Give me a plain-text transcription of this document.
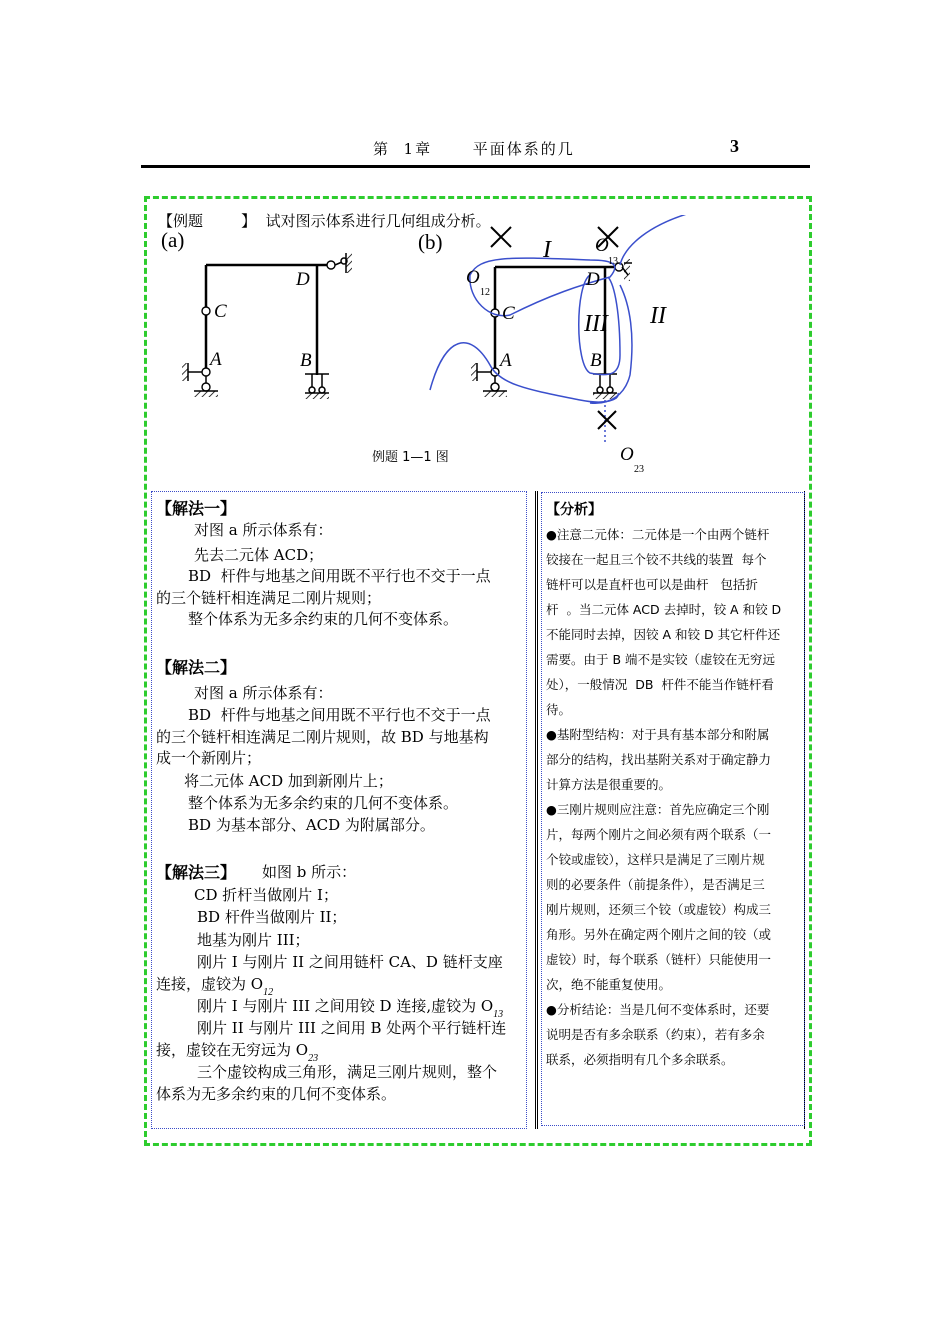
第  1章      平面体系的几	3
【例题        】  试对图示体系进行几何组成分析。
(a)
C
A
D
B
(b)	I
II
III
O
12
O
13
O
23
C
A
D
B
例题 1—1 图
【解法一】
对图 a 所示体系有：
先去二元体 ACD；
BD  杆件与地基之间用既不平行也不交于一点
的三个链杆相连满足二刚片规则；
整个体系为无多余约束的几何不变体系。
【解法二】
对图 a 所示体系有：
BD  杆件与地基之间用既不平行也不交于一点
的三个链杆相连满足二刚片规则，故 BD 与地基构
成一个新刚片；
将二元体 ACD 加到新刚片上；
整个体系为无多余约束的几何不变体系。
BD 为基本部分、ACD 为附属部分。
【解法三】 如图 b 所示：
CD 折杆当做刚片 I；
BD 杆件当做刚片 II；
地基为刚片 III；
刚片 I 与刚片 II 之间用链杆 CA、D 链杆支座
连接，虚铰为 $O_{12}$
刚片 I 与刚片 III 之间用铰 D 连接,虚铰为 $O_{13}$
刚片 II 与刚片 III 之间用 B 处两个平行链杆连
接，虚铰在无穷远为 $O_{23}$
三个虚铰构成三角形，满足三刚片规则，整个
体系为无多余约束的几何不变体系。
【分析】
●注意二元体：二元体是一个由两个链杆
铰接在一起且三个铰不共线的装置  每个
链杆可以是直杆也可以是曲杆   包括折
杆  。当二元体 ACD 去掉时，铰 A 和铰 D
不能同时去掉，因铰 A 和铰 D 其它杆件还
需要。由于 B 端不是实铰（虚铰在无穷远
处），一般情况  DB  杆件不能当作链杆看
待。
●基附型结构：对于具有基本部分和附属
部分的结构，找出基附关系对于确定静力
计算方法是很重要的。
●三刚片规则应注意：首先应确定三个刚
片，每两个刚片之间必须有两个联系（一
个铰或虚铰），这样只是满足了三刚片规
则的必要条件（前提条件），是否满足三
刚片规则，还须三个铰（或虚铰）构成三
角形。另外在确定两个刚片之间的铰（或
虚铰）时，每个联系（链杆）只能使用一
次，绝不能重复使用。
●分析结论：当是几何不变体系时，还要
说明是否有多余联系（约束），若有多余
联系，必须指明有几个多余联系。
